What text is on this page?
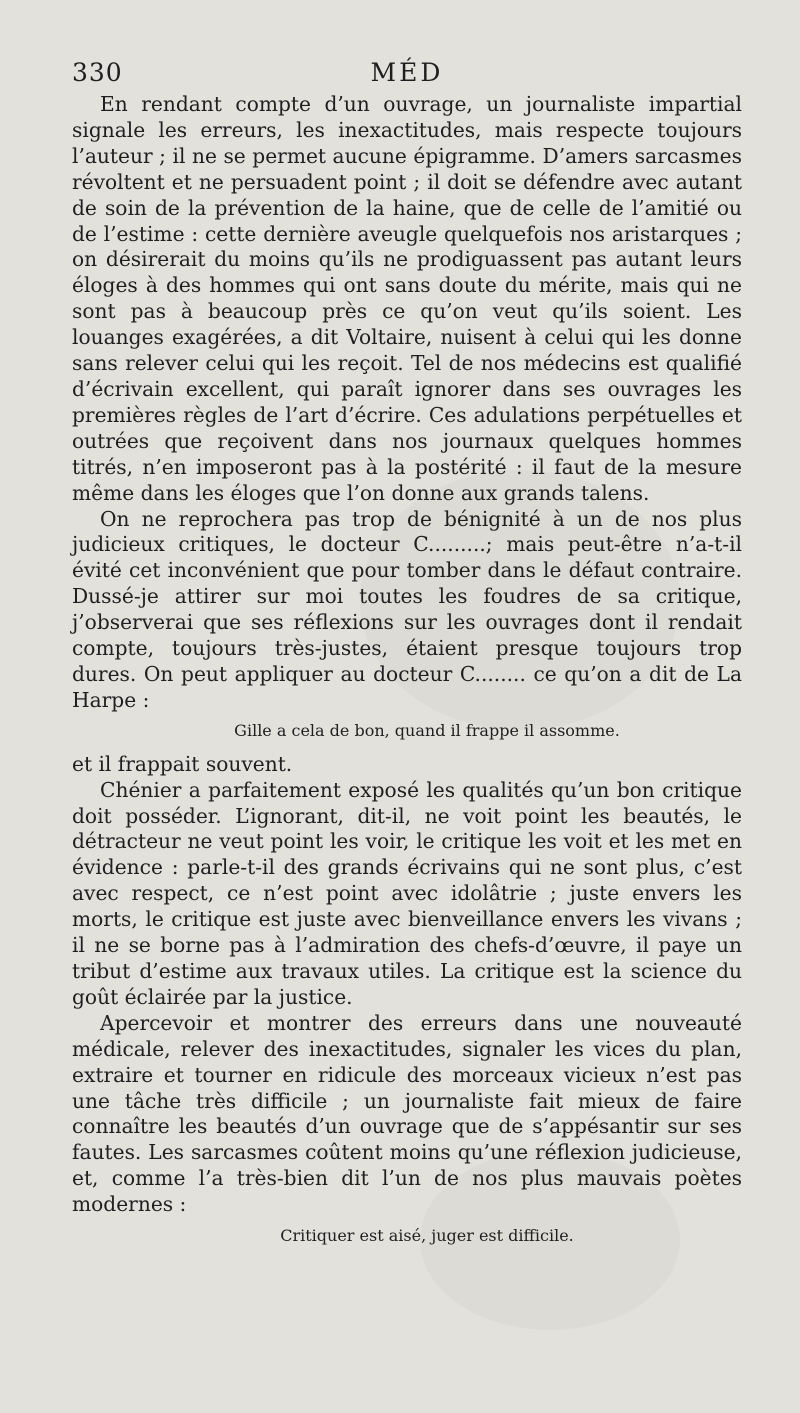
330	MÉD

En rendant compte d’un ouvrage, un journaliste impartial signale les erreurs, les inexactitudes, mais respecte toujours l’auteur ; il ne se permet aucune épigramme. D’amers sarcasmes révoltent et ne persuadent point ; il doit se défendre avec autant de soin de la prévention de la haine, que de celle de l’amitié ou de l’estime : cette dernière aveugle quelquefois nos aristarques ; on désirerait du moins qu’ils ne prodiguassent pas autant leurs éloges à des hommes qui ont sans doute du mérite, mais qui ne sont pas à beaucoup près ce qu’on veut qu’ils soient. Les louanges exagérées, a dit Voltaire, nuisent à celui qui les donne sans relever celui qui les reçoit. Tel de nos médecins est qualifié d’écrivain excellent, qui paraît ignorer dans ses ouvrages les premières règles de l’art d’écrire. Ces adulations perpétuelles et outrées que reçoivent dans nos journaux quelques hommes titrés, n’en imposeront pas à la postérité : il faut de la mesure même dans les éloges que l’on donne aux grands talens.

On ne reprochera pas trop de bénignité à un de nos plus judicieux critiques, le docteur C.........; mais peut-être n’a-t-il évité cet inconvénient que pour tomber dans le défaut contraire. Dussé-je attirer sur moi toutes les foudres de sa critique, j’observerai que ses réflexions sur les ouvrages dont il rendait compte, toujours très-justes, étaient presque toujours trop dures. On peut appliquer au docteur C........ ce qu’on a dit de La Harpe :

Gille a cela de bon, quand il frappe il assomme.

et il frappait souvent.

Chénier a parfaitement exposé les qualités qu’un bon critique doit posséder. L’ignorant, dit-il, ne voit point les beautés, le détracteur ne veut point les voir, le critique les voit et les met en évidence : parle-t-il des grands écrivains qui ne sont plus, c’est avec respect, ce n’est point avec idolâtrie ; juste envers les morts, le critique est juste avec bienveillance envers les vivans ; il ne se borne pas à l’admiration des chefs-d’œuvre, il paye un tribut d’estime aux travaux utiles. La critique est la science du goût éclairée par la justice.

Apercevoir et montrer des erreurs dans une nouveauté médicale, relever des inexactitudes, signaler les vices du plan, extraire et tourner en ridicule des morceaux vicieux n’est pas une tâche très difficile ; un journaliste fait mieux de faire connaître les beautés d’un ouvrage que de s’appésantir sur ses fautes. Les sarcasmes coûtent moins qu’une réflexion judicieuse, et, comme l’a très-bien dit l’un de nos plus mauvais poètes modernes :

Critiquer est aisé, juger est difficile.
